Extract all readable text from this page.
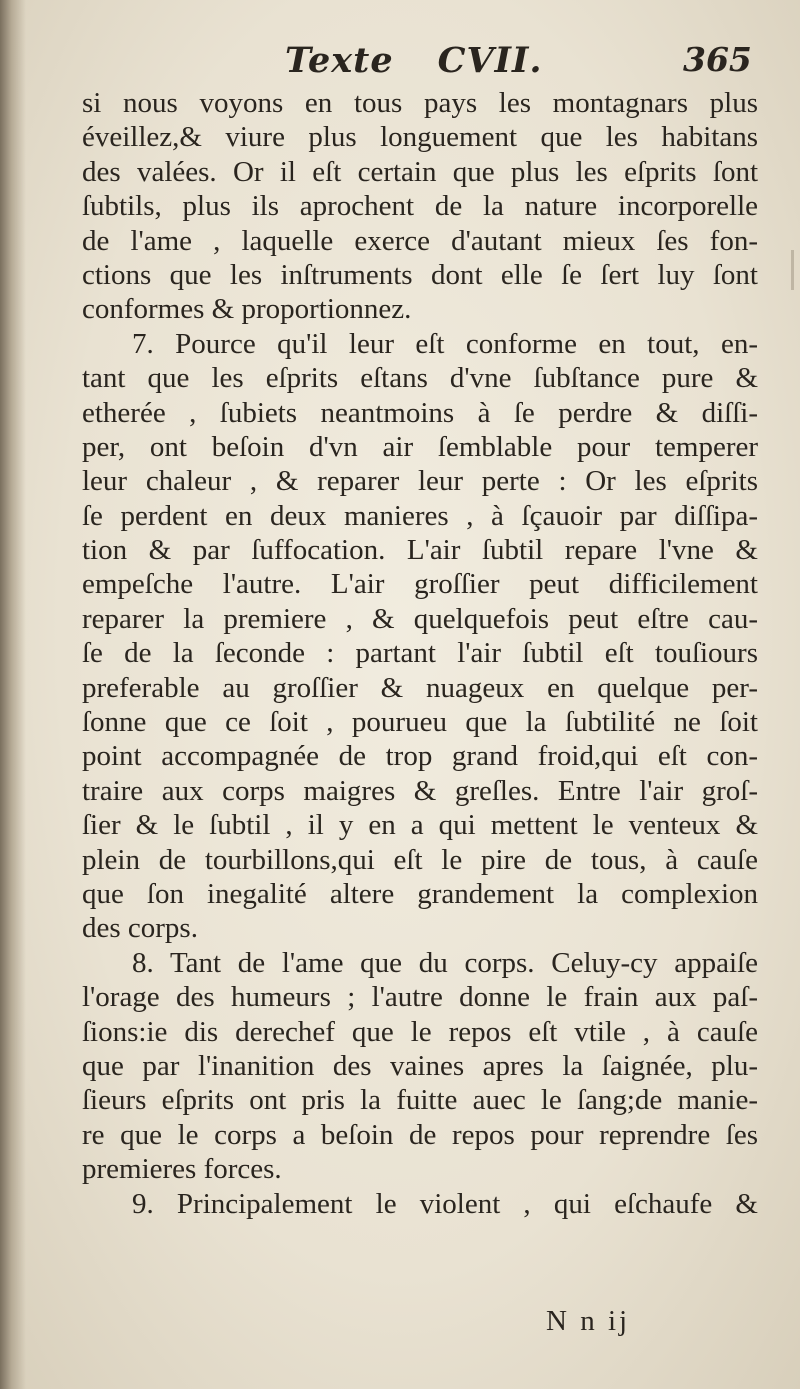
Texte CVII.	365
si nous voyons en tous pays les montagnars plus
éveillez,& viure plus longuement que les habitans
des valées. Or il eſt certain que plus les eſprits ſont
ſubtils, plus ils aprochent de la nature incorporelle
de l'ame , laquelle exerce d'autant mieux ſes fon-
ctions que les inſtruments dont elle ſe ſert luy ſont
conformes & proportionnez.
7. Pource qu'il leur eſt conforme en tout, en-
tant que les eſprits eſtans d'vne ſubſtance pure &
etherée , ſubiets neantmoins à ſe perdre & diſſi-
per, ont beſoin d'vn air ſemblable pour temperer
leur chaleur , & reparer leur perte : Or les eſprits
ſe perdent en deux manieres , à ſçauoir par diſſipa-
tion & par ſuffocation. L'air ſubtil repare l'vne &
empeſche l'autre. L'air groſſier peut difficilement
reparer la premiere , & quelquefois peut eſtre cau-
ſe de la ſeconde : partant l'air ſubtil eſt touſiours
preferable au groſſier & nuageux en quelque per-
ſonne que ce ſoit , pourueu que la ſubtilité ne ſoit
point accompagnée de trop grand froid,qui eſt con-
traire aux corps maigres & greſles. Entre l'air groſ-
ſier & le ſubtil , il y en a qui mettent le venteux &
plein de tourbillons,qui eſt le pire de tous, à cauſe
que ſon inegalité altere grandement la complexion
des corps.
8. Tant de l'ame que du corps. Celuy-cy appaiſe
l'orage des humeurs ; l'autre donne le frain aux paſ-
ſions:ie dis derechef que le repos eſt vtile , à cauſe
que par l'inanition des vaines apres la ſaignée, plu-
ſieurs eſprits ont pris la fuitte auec le ſang;de manie-
re que le corps a beſoin de repos pour reprendre ſes
premieres forces.
9. Principalement le violent , qui eſchaufe &
N n ij
